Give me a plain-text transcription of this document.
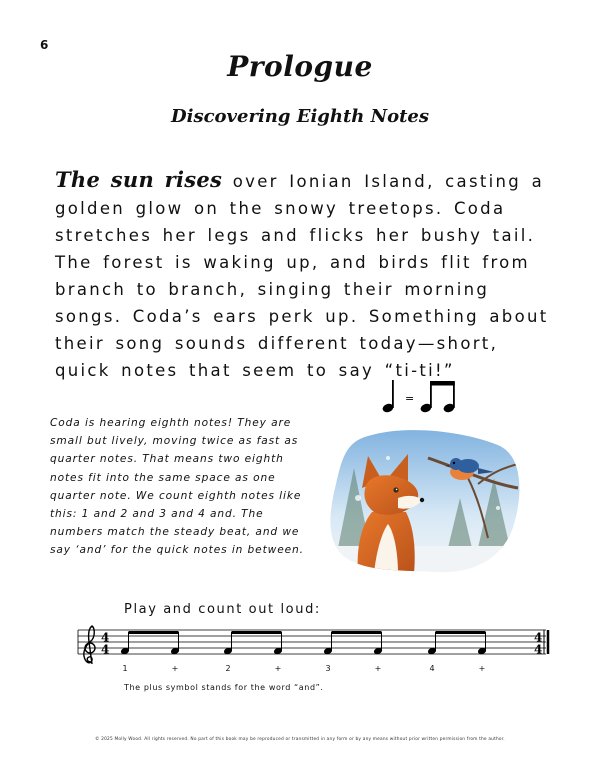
6
Prologue
Discovering Eighth Notes

The sun rises over Ionian Island, casting a golden glow on the snowy treetops. Coda stretches her legs and flicks her bushy tail. The forest is waking up, and birds flit from branch to branch, singing their morning songs. Coda’s ears perk up. Something about their song sounds different today—short, quick notes that seem to say “ti-ti!”

=

Coda is hearing eighth notes! They are small but lively, moving twice as fast as quarter notes. That means two eighth notes fit into the same space as one quarter note. We count eighth notes like this: 1 and 2 and 3 and 4 and. The numbers match the steady beat, and we say ‘and’ for the quick notes in between.

Play and count out loud:
4
4
4
4
1	+	2	+	3	+	4	+
The plus symbol stands for the word “and”.
© 2025 Molly Wood. All rights reserved. No part of this book may be reproduced or transmitted in any form or by any means without prior written permission from the author.
